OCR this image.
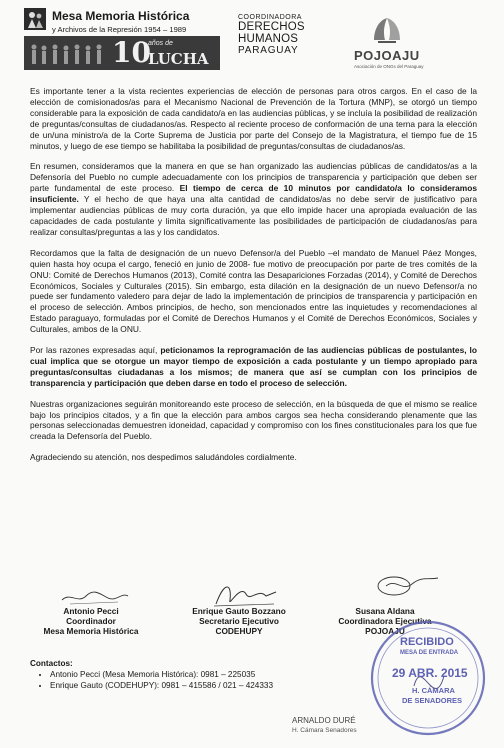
Mesa Memoria Histórica
y Archivos de la Represión 1954 – 1989
10
años de
LUCHA
COORDINADORA
DERECHOS
HUMANOS
PARAGUAY	POJOAJU
Asociación de ONGs del Paraguay

Es importante tener a la vista recientes experiencias de elección de personas para otros cargos. En el caso de la elección de comisionados/as para el Mecanismo Nacional de Prevención de la Tortura (MNP), se otorgó un tiempo considerable para la exposición de cada candidato/a en las audiencias públicas, y se incluía la posibilidad de realización de preguntas/consultas de ciudadanos/as. Respecto al reciente proceso de conformación de una terna para la elección de un/una ministro/a de la Corte Suprema de Justicia por parte del Consejo de la Magistratura, el tiempo fue de 15 minutos, y luego de ese tiempo se habilitaba la posibilidad de preguntas/consultas de ciudadanos/as.

En resumen, consideramos que la manera en que se han organizado las audiencias públicas de candidatos/as a la Defensoría del Pueblo no cumple adecuadamente con los principios de transparencia y participación que deben ser parte fundamental de este proceso. El tiempo de cerca de 10 minutos por candidato/a lo consideramos insuficiente. Y el hecho de que haya una alta cantidad de candidatos/as no debe servir de justificativo para implementar audiencias públicas de muy corta duración, ya que ello impide hacer una apropiada evaluación de las capacidades de cada postulante y limita significativamente las posibilidades de participación de ciudadanos/as para realizar consultas/preguntas a las y los candidatos.

Recordamos que la falta de designación de un nuevo Defensor/a del Pueblo –el mandato de Manuel Páez Monges, quien hasta hoy ocupa el cargo, feneció en junio de 2008- fue motivo de preocupación por parte de tres comités de la ONU: Comité de Derechos Humanos (2013), Comité contra las Desapariciones Forzadas (2014), y Comité de Derechos Económicos, Sociales y Culturales (2015). Sin embargo, esta dilación en la designación de un nuevo Defensor/a no puede ser fundamento valedero para dejar de lado la implementación de principios de transparencia y participación en el proceso de selección. Ambos principios, de hecho, son mencionados entre las inquietudes y recomendaciones al Estado paraguayo, formuladas por el Comité de Derechos Humanos y el Comité de Derechos Económicos, Sociales y Culturales, ambos de la ONU.

Por las razones expresadas aquí, peticionamos la reprogramación de las audiencias públicas de postulantes, lo cual implica que se otorgue un mayor tiempo de exposición a cada postulante y un tiempo apropiado para preguntas/consultas ciudadanas a los mismos; de manera que así se cumplan con los principios de transparencia y participación que deben darse en todo el proceso de selección.

Nuestras organizaciones seguirán monitoreando este proceso de selección, en la búsqueda de que el mismo se realice bajo los principios citados, y a fin que la elección para ambos cargos sea hecha considerando plenamente que las personas seleccionadas demuestren idoneidad, capacidad y compromiso con los fines constitucionales para los que fue creada la Defensoría del Pueblo.

Agradeciendo su atención, nos despedimos saludándoles cordialmente.

Antonio Pecci
Coordinador
Mesa Memoria Histórica
Enrique Gauto Bozzano
Secretario Ejecutivo
CODEHUPY
Susana Aldana
Coordinadora Ejecutiva
POJOAJU
Contactos:
• Antonio Pecci (Mesa Memoria Histórica): 0981 – 225035
• Enrique Gauto (CODEHUPY): 0981 – 415586 / 021 – 424333
RECIBIDO
MESA DE ENTRADA
29 ABR. 2015
H. CÁMARA
DE SENADORES
ARNALDO DURÉ
H. Cámara Senadores
